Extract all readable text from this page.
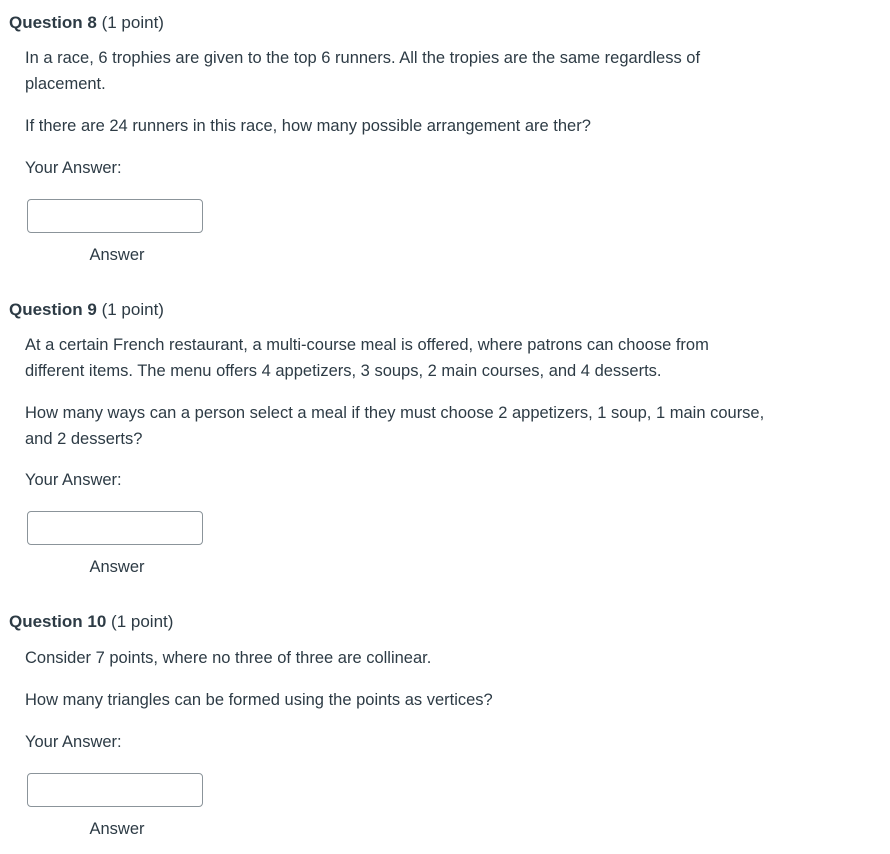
Question 8 (1 point)

In a race, 6 trophies are given to the top 6 runners. All the tropies are the same regardless of placement.

If there are 24 runners in this race, how many possible arrangement are ther?

Your Answer:

Answer
Question 9 (1 point)

At a certain French restaurant, a multi-course meal is offered, where patrons can choose from different items. The menu offers 4 appetizers, 3 soups, 2 main courses, and 4 desserts.

How many ways can a person select a meal if they must choose 2 appetizers, 1 soup, 1 main course, and 2 desserts?

Your Answer:

Answer
Question 10 (1 point)

Consider 7 points, where no three of three are collinear.

How many triangles can be formed using the points as vertices?

Your Answer:

Answer
